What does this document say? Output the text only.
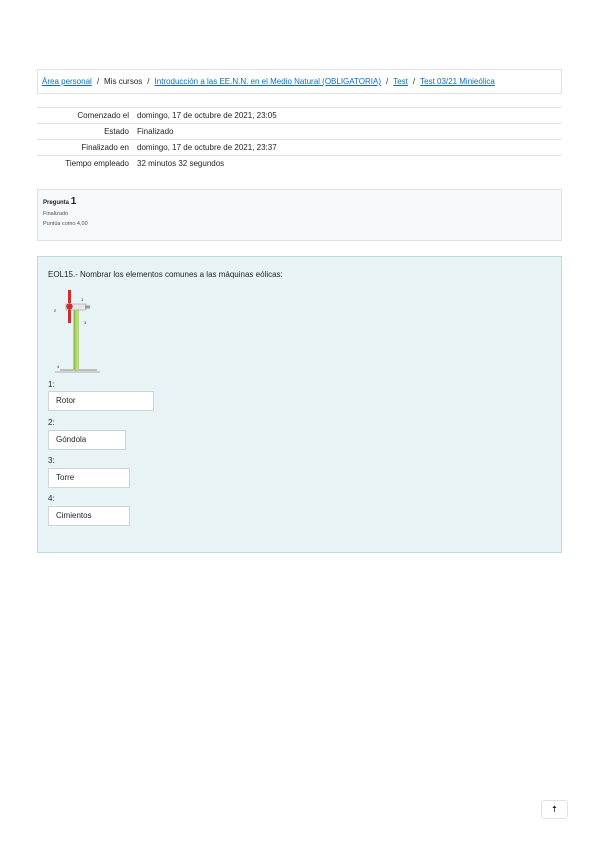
Área personal / Mis cursos / Introducción a las EE.N.N. en el Medio Natural (OBLIGATORIA) / Test / Test 03/21 Minieólica
Comenzado el	domingo, 17 de octubre de 2021, 23:05
Estado	Finalizado
Finalizado en	domingo, 17 de octubre de 2021, 23:37
Tiempo empleado	32 minutos 32 segundos
Pregunta 1
Finalizado
Puntúa como 4,00
EOL15.- Nombrar los elementos comunes a las máquinas eólicas:
1
2
3
4
1:
Rotor
2:
Góndola
3:
Torre
4:
Cimientos
🠅
